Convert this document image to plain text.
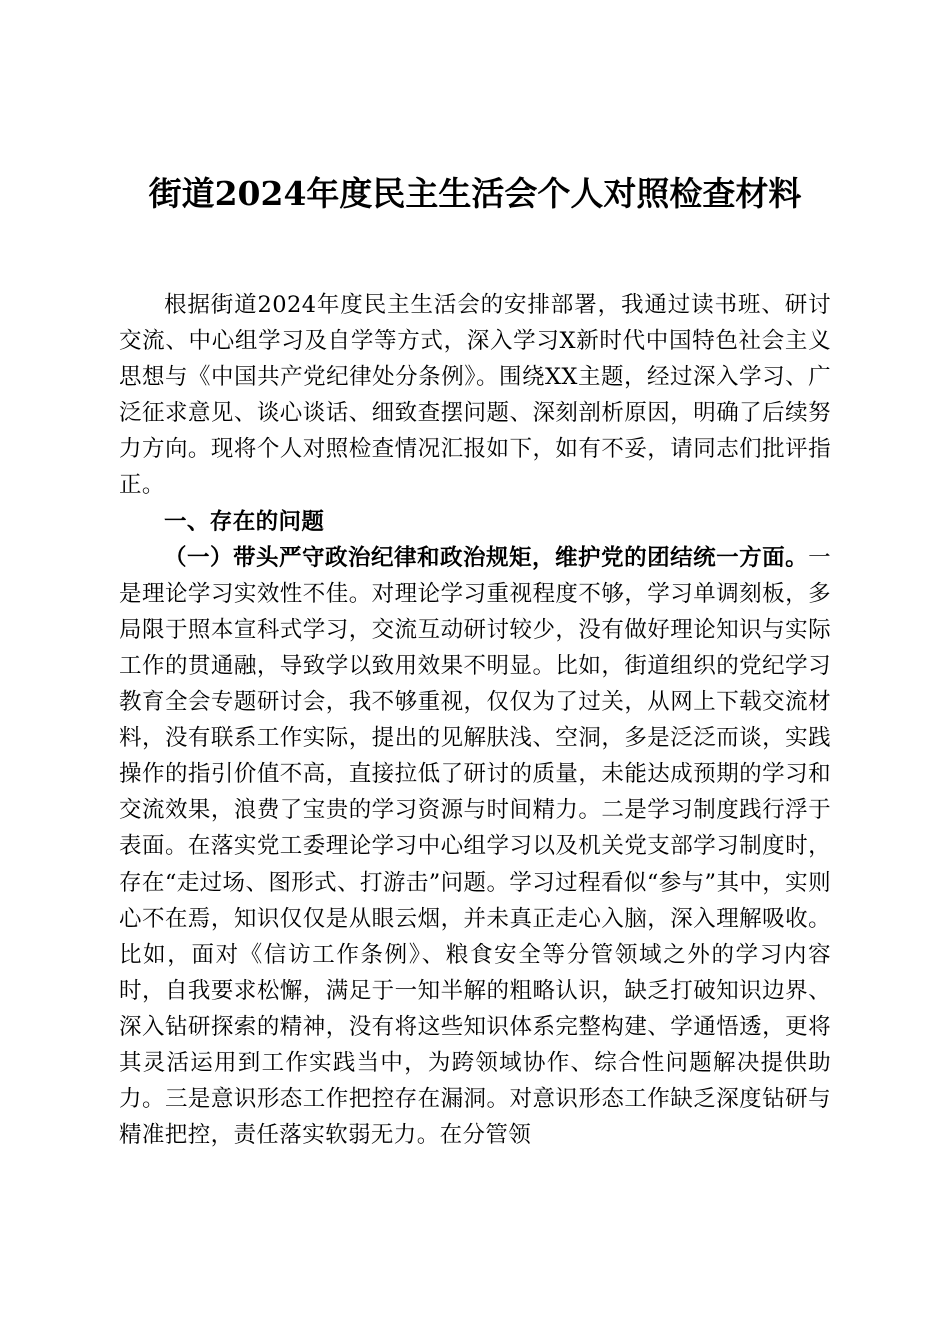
街道2024年度民主生活会个人对照检查材料

根据街道2024年度民主生活会的安排部署，我通过读书班、研讨交流、中心组学习及自学等方式，深入学习X新时代中国特色社会主义思想与《中国共产党纪律处分条例》。围绕XX主题，经过深入学习、广泛征求意见、谈心谈话、细致查摆问题、深刻剖析原因，明确了后续努力方向。现将个人对照检查情况汇报如下，如有不妥，请同志们批评指正。

一、存在的问题

（一）带头严守政治纪律和政治规矩，维护党的团结统一方面。一是理论学习实效性不佳。对理论学习重视程度不够，学习单调刻板，多局限于照本宣科式学习，交流互动研讨较少，没有做好理论知识与实际工作的贯通融，导致学以致用效果不明显。比如，街道组织的党纪学习教育全会专题研讨会，我不够重视，仅仅为了过关，从网上下载交流材料，没有联系工作实际，提出的见解肤浅、空洞，多是泛泛而谈，实践操作的指引价值不高，直接拉低了研讨的质量，未能达成预期的学习和交流效果，浪费了宝贵的学习资源与时间精力。二是学习制度践行浮于表面。在落实党工委理论学习中心组学习以及机关党支部学习制度时，存在“走过场、图形式、打游击”问题。学习过程看似“参与”其中，实则心不在焉，知识仅仅是从眼云烟，并未真正走心入脑，深入理解吸收。比如，面对《信访工作条例》、粮食安全等分管领域之外的学习内容时，自我要求松懈，满足于一知半解的粗略认识，缺乏打破知识边界、深入钻研探索的精神，没有将这些知识体系完整构建、学通悟透，更将其灵活运用到工作实践当中，为跨领域协作、综合性问题解决提供助力。三是意识形态工作把控存在漏洞。对意识形态工作缺乏深度钻研与精准把控，责任落实软弱无力。在分管领
